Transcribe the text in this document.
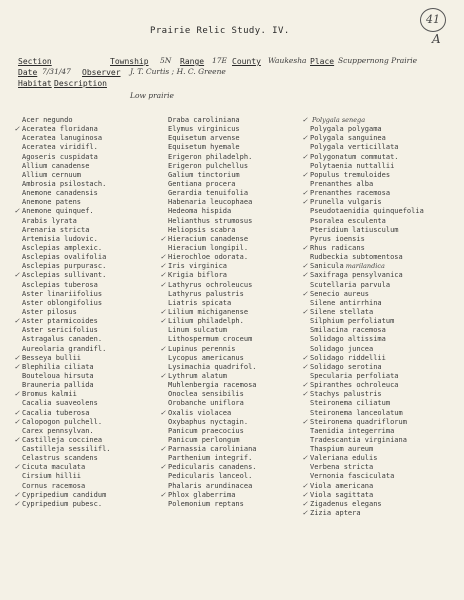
41
A
Prairie Relic Study. IV.
Section	Township 5N Range 17E County Waukesha Place Scuppernong Prairie
Date 7/31/47 Observer J. T. Curtis ; H. C. Greene
Habitat Description
Low prairie
Acer negundo
✓ Aceratea floridana
Aceratea lanuginosa
Aceratea viridifl.
Agoseris cuspidata
Allium canadense
Allium cernuum
Ambrosia psilostach.
Anemone canadensis
Anemone patens
✓ Anemone quinquef.
Arabis lyrata
Arenaria stricta
Artemisia ludovic.
Asclepias amplexic.
Asclepias ovalifolia
Asclepias purpurasc.
✓ Asclepias sullivant.
Asclepias tuberosa
Aster linariifolius
Aster oblongifolius
Aster pilosus
✓ Aster ptarmicoides
Aster sericifolius
Astragalus canaden.
Aureolaria grandifl.
✓ Besseya bullii
✓ Blephilia ciliata
Bouteloua hirsuta
Brauneria pallida
✓ Bromus kalmii
Cacalia suaveolens
✓ Cacalia tuberosa
✓ Calopogon pulchell.
Carex pennsylvan.
✓ Castilleja coccinea
Castilleja sessilifl.
Celastrus scandens
✓ Cicuta maculata
Cirsium hillii
Cornus racemosa
✓ Cypripedium candidum
✓ Cypripedium pubesc.
Draba caroliniana
Elymus virginicus
Equisetum arvense
Equisetum hyemale
Erigeron philadelph.
Erigeron pulchellus
Galium tinctorium
Gentiana procera
Gerardia tenuifolia
Habenaria leucophaea
Hedeoma hispida
Helianthus strumosus
Heliopsis scabra
✓ Hieracium canadense
Hieracium longipil.
✓ Hierochloe odorata.
✓ Iris virginica
✓ Krigia biflora
✓ Lathyrus ochroleucus
Lathyrus palustris
Liatris spicata
✓ Lilium michiganense
✓ Lilium philadelph.
Linum sulcatum
Lithospermum croceum
✓ Lupinus perennis
Lycopus americanus
Lysimachia quadrifol.
✓ Lythrum alatum
Muhlenbergia racemosa
Onoclea sensibilis
Orobanche uniflora
✓ Oxalis violacea
Oxybaphus nyctagin.
Panicum praecocius
Panicum perlongum
✓ Parnassia caroliniana
Parthenium integrif.
✓ Pedicularis canadens.
Pedicularis lanceol.
Phalaris arundinacea
✓ Phlox glaberrima
Polemonium reptans
✓ Polygala senega
Polygala polygama
✓ Polygala sanguinea
Polygala verticillata
✓ Polygonatum commutat.
Polytaenia nuttallii
✓ Populus tremuloides
Prenanthes alba
✓ Prenanthes racemosa
✓ Prunella vulgaris
Pseudotaenidia quinquefolia
Psoralea esculenta
Pteridium latiusculum
Pyrus ioensis
✓ Rhus radicans
Rudbeckia subtomentosa
✓ Sanicula marilandica
✓ Saxifraga pensylvanica
Scutellaria parvula
✓ Senecio aureus
Silene antirrhina
✓ Silene stellata
Silphium perfoliatum
Smilacina racemosa
Solidago altissima
Solidago juncea
✓ Solidago riddellii
✓ Solidago serotina
Specularia perfoliata
✓ Spiranthes ochroleuca
✓ Stachys palustris
Steironema ciliatum
Steironema lanceolatum
✓ Steironema quadriflorum
Taenidia integerrima
Tradescantia virginiana
Thaspium aureum
✓ Valeriana edulis
Verbena stricta
Vernonia fasciculata
✓ Viola americana
✓ Viola sagittata
✓ Zigadenus elegans
✓ Zizia aptera
